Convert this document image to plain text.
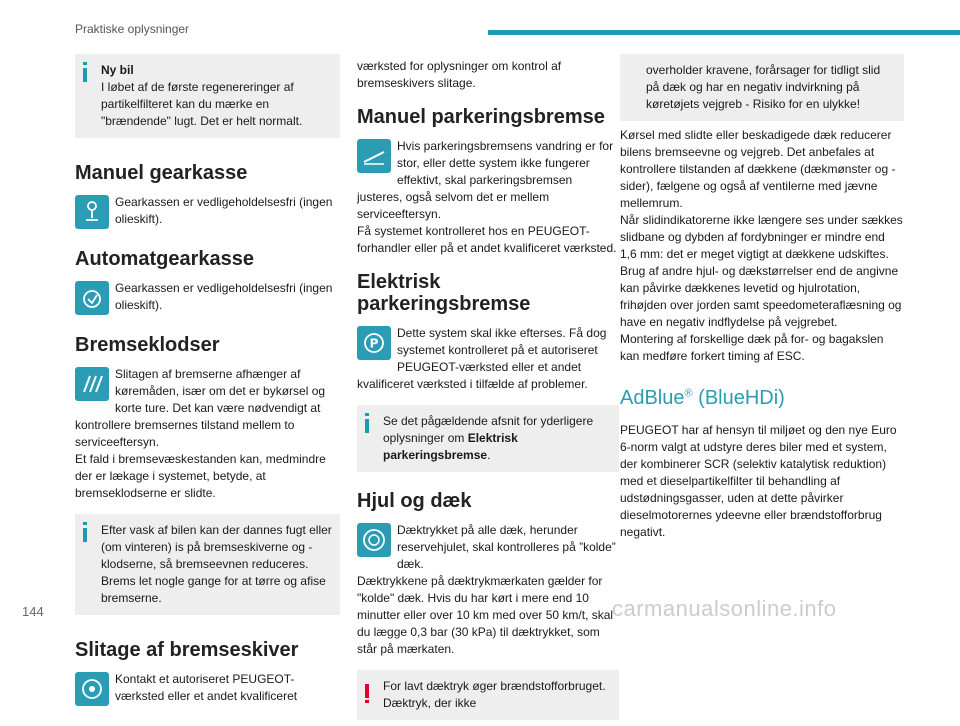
Praktiske oplysninger
Ny bil
I løbet af de første regenereringer af partikelfilteret kan du mærke en "brændende" lugt. Det er helt normalt.
Manuel gearkasse

Gearkassen er vedligeholdelsesfri (ingen olieskift).

Automatgearkasse

Gearkassen er vedligeholdelsesfri (ingen olieskift).

Bremseklodser

Slitagen af bremserne afhænger af køremåden, især om det er bykørsel og korte ture. Det kan være nødvendigt at kontrollere bremsernes tilstand mellem to serviceeftersyn.

Et fald i bremsevæskestanden kan, medmindre der er lækage i systemet, betyde, at bremseklodserne er slidte.

Efter vask af bilen kan der dannes fugt eller (om vinteren) is på bremseskiverne og -klodserne, så bremseevnen reduceres. Brems let nogle gange for at tørre og afise bremserne.
Slitage af bremseskiver

Kontakt et autoriseret PEUGEOT-værksted eller et andet kvalificeret

værksted for oplysninger om kontrol af bremseskivers slitage.

Manuel parkeringsbremse

Hvis parkeringsbremsens vandring er for stor, eller dette system ikke fungerer effektivt, skal parkeringsbremsen justeres, også selvom det er mellem serviceeftersyn.

Få systemet kontrolleret hos en PEUGEOT-forhandler eller på et andet kvalificeret værksted.

Elektrisk parkeringsbremse
P

Dette system skal ikke efterses. Få dog systemet kontrolleret på et autoriseret PEUGEOT-værksted eller et andet kvalificeret værksted i tilfælde af problemer.

Se det pågældende afsnit for yderligere oplysninger om Elektrisk parkeringsbremse.
Hjul og dæk

Dæktrykket på alle dæk, herunder reservehjulet, skal kontrolleres på ”kolde” dæk.

Dæktrykkene på dæktrykmærkaten gælder for "kolde" dæk. Hvis du har kørt i mere end 10 minutter eller over 10 km med over 50 km/t, skal du lægge 0,3 bar (30 kPa) til dæktrykket, som står på mærkaten.

For lavt dæktryk øger brændstofforbruget. Dæktryk, der ikke
overholder kravene, forårsager for tidligt slid på dæk og har en negativ indvirkning på køretøjets vejgreb - Risiko for en ulykke!

Kørsel med slidte eller beskadigede dæk reducerer bilens bremseevne og vejgreb. Det anbefales at kontrollere tilstanden af dækkene (dækmønster og -sider), fælgene og også af ventilerne med jævne mellemrum.

Når slidindikatorerne ikke længere ses under sækkes slidbane og dybden af fordybninger er mindre end 1,6 mm: det er meget vigtigt at dækkene udskiftes.

Brug af andre hjul- og dækstørrelser end de angivne kan påvirke dækkenes levetid og hjulrotation, frihøjden over jorden samt speedometeraflæsning og have en negativ indflydelse på vejgrebet.

Montering af forskellige dæk på for- og bagakslen kan medføre forkert timing af ESC.

AdBlue® (BlueHDi)

PEUGEOT har af hensyn til miljøet og den nye Euro 6-norm valgt at udstyre deres biler med et system, der kombinerer SCR (selektiv katalytisk reduktion) med et dieselpartikelfilter til behandling af udstødningsgasser, uden at dette påvirker dieselmotorernes ydeevne eller brændstofforbrug negativt.

144	carmanualsonline.info
